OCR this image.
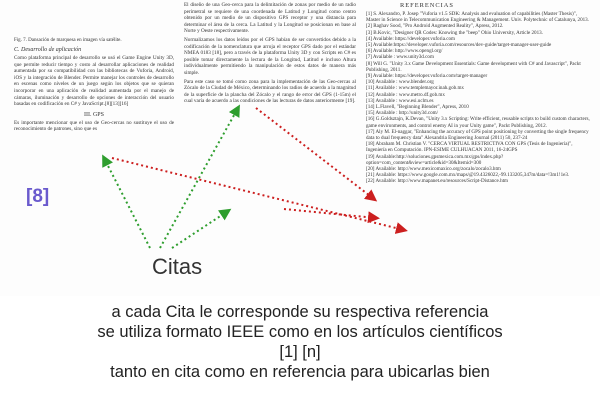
Fig. 7. Dansación de marquesa en imagen vía satélite.

C. Desarrollo de aplicación

Como plataforma principal de desarrollo se usó el Game Engine Unity 3D, que permite reducir tiempo y costo al desarrollar aplicaciones de realidad aumentada por su compatibilidad con las bibliotecas de Vuforia, Android, iOS y la integración de Blender. Permite manejar los controles de desarrollo en escenas como niveles de un juego según los objetos que se quieran incorporar en una aplicación de realidad aumentada por el manejo de cámaras, iluminación y desarrollo de opciones de interacción del usuario basadas en codificación en C# y JavaScript.[8][13][16]

III. GPS

Es importante mencionar que el uso de Geo-cercas no sustituye el uso de reconocimiento de patrones, sino que es

El diseño de una Geo-cerca para la delimitación de zonas por medio de un radio perimetral se requiere de una coordenada de Latitud y Longitud como centro obtenido por un medio de un dispositivo GPS receptor y una distancia para determinar el área de la cerca. La Latitud y la Longitud se posicionan en base al Norte y Oeste respectivamente.

Normalizamos los datos leídos por el GPS habían de ser convertidos debido a la codificación de la nomenclatura que arroja el receptor GPS dado por el estándar NMEA 0183 [18], pero a través de la plataforma Unity 3D y con Scripts en C# es posible tomar directamente la lectura de la Longitud, Latitud e incluso Altura individualmente permitiendo la manipulación de estos datos de manera más simple.

Para este caso se tomó como zona para la implementación de las Geo-cercas al Zócalo de la Ciudad de México, determinando los radios de acuerdo a la magnitud de la superficie de la plancha del Zócalo y el rango de error del GPS (1-15m) el cual varía de acuerdo a las condiciones de las lecturas de datos anteriormente [19].

REFERENCIAS
[1] S. Alexandro, P. Josep "Vuforia v1.5 SDK: Analysis and evaluation of capabilities (Master Thesis)", Master in Science in Telecommunication Engineering & Management. Univ. Polytechnic of Catalunya, 2013.
[2] Raghav Sood, "Pro Android Augmented Reality", Apress, 2012.
[3] B.Kovic, "Designer QR Codes: Knowing the "beep" Ohio University, Article 2013.
[4] Available: https://developer.vuforia.com
[5] Available:https://developer.vuforia.com/resources/dev-guide/target-manager-user-guide
[6] Available: http://www.opengl.org/
[7] Available : www.unity3d.com
[8] Will G. "Unity 3.x Game Development Essentials: Game development with C# and Javascript", Packt Publishing, 2011.
[9] Available: https://developer.vuforia.com/target-manager
[10] Available : www.blender.org
[11] Available : www.templemayor.inah.gob.mx
[12] Available : www.metro.df.gob.mx
[13] Available : www.esi.uclm.es
[14] L.Flavell, "Beginning Blender", Apress, 2010
[15] Available : http://unity3d.com/
[16] G.Goldsztajn, K.Devan, "Unity 3.x Scripting: Write efficient, reusable scripts to build custom characters, game environments, and control enemy AI in your Unity game", Packt Publishing, 2012.
[17] Aly M. El-naggar, "Enhancing the accuracy of GPS point positioning by converting the single frequency data to dual frequency data" Alexandria Engineering Journal (2011) 50, 237-24
[18] Abraham M. Christian V. "CERCA VIRTUAL RESTRICTIVA CON GPS (Tesis de Ingeniería)", Ingeniería en Computación. IPN-ESIME CULHUACAN 2011, 16-24GPS
[19] Available:http://soluciones.gpsmexica.com.mx/gps/index.php?option=com_content&view=article&id=30&Itemid=300
[20] Available: http://www.mexicomaxico.org/zocalo/zocalo3.htm
[21] Available: https://www.google.com.mx/maps/@19.4326022,-99.133205,347m/data=!3m1!1e3.
[22] Available: http://www.mapanet.eu/resources/Script-Distance.htm
[8]
Citas
a cada Cita le corresponde su respectiva referencia
se utiliza formato IEEE como en los artículos científicos
[1] [n]
tanto en cita como en referencia para ubicarlas bien
